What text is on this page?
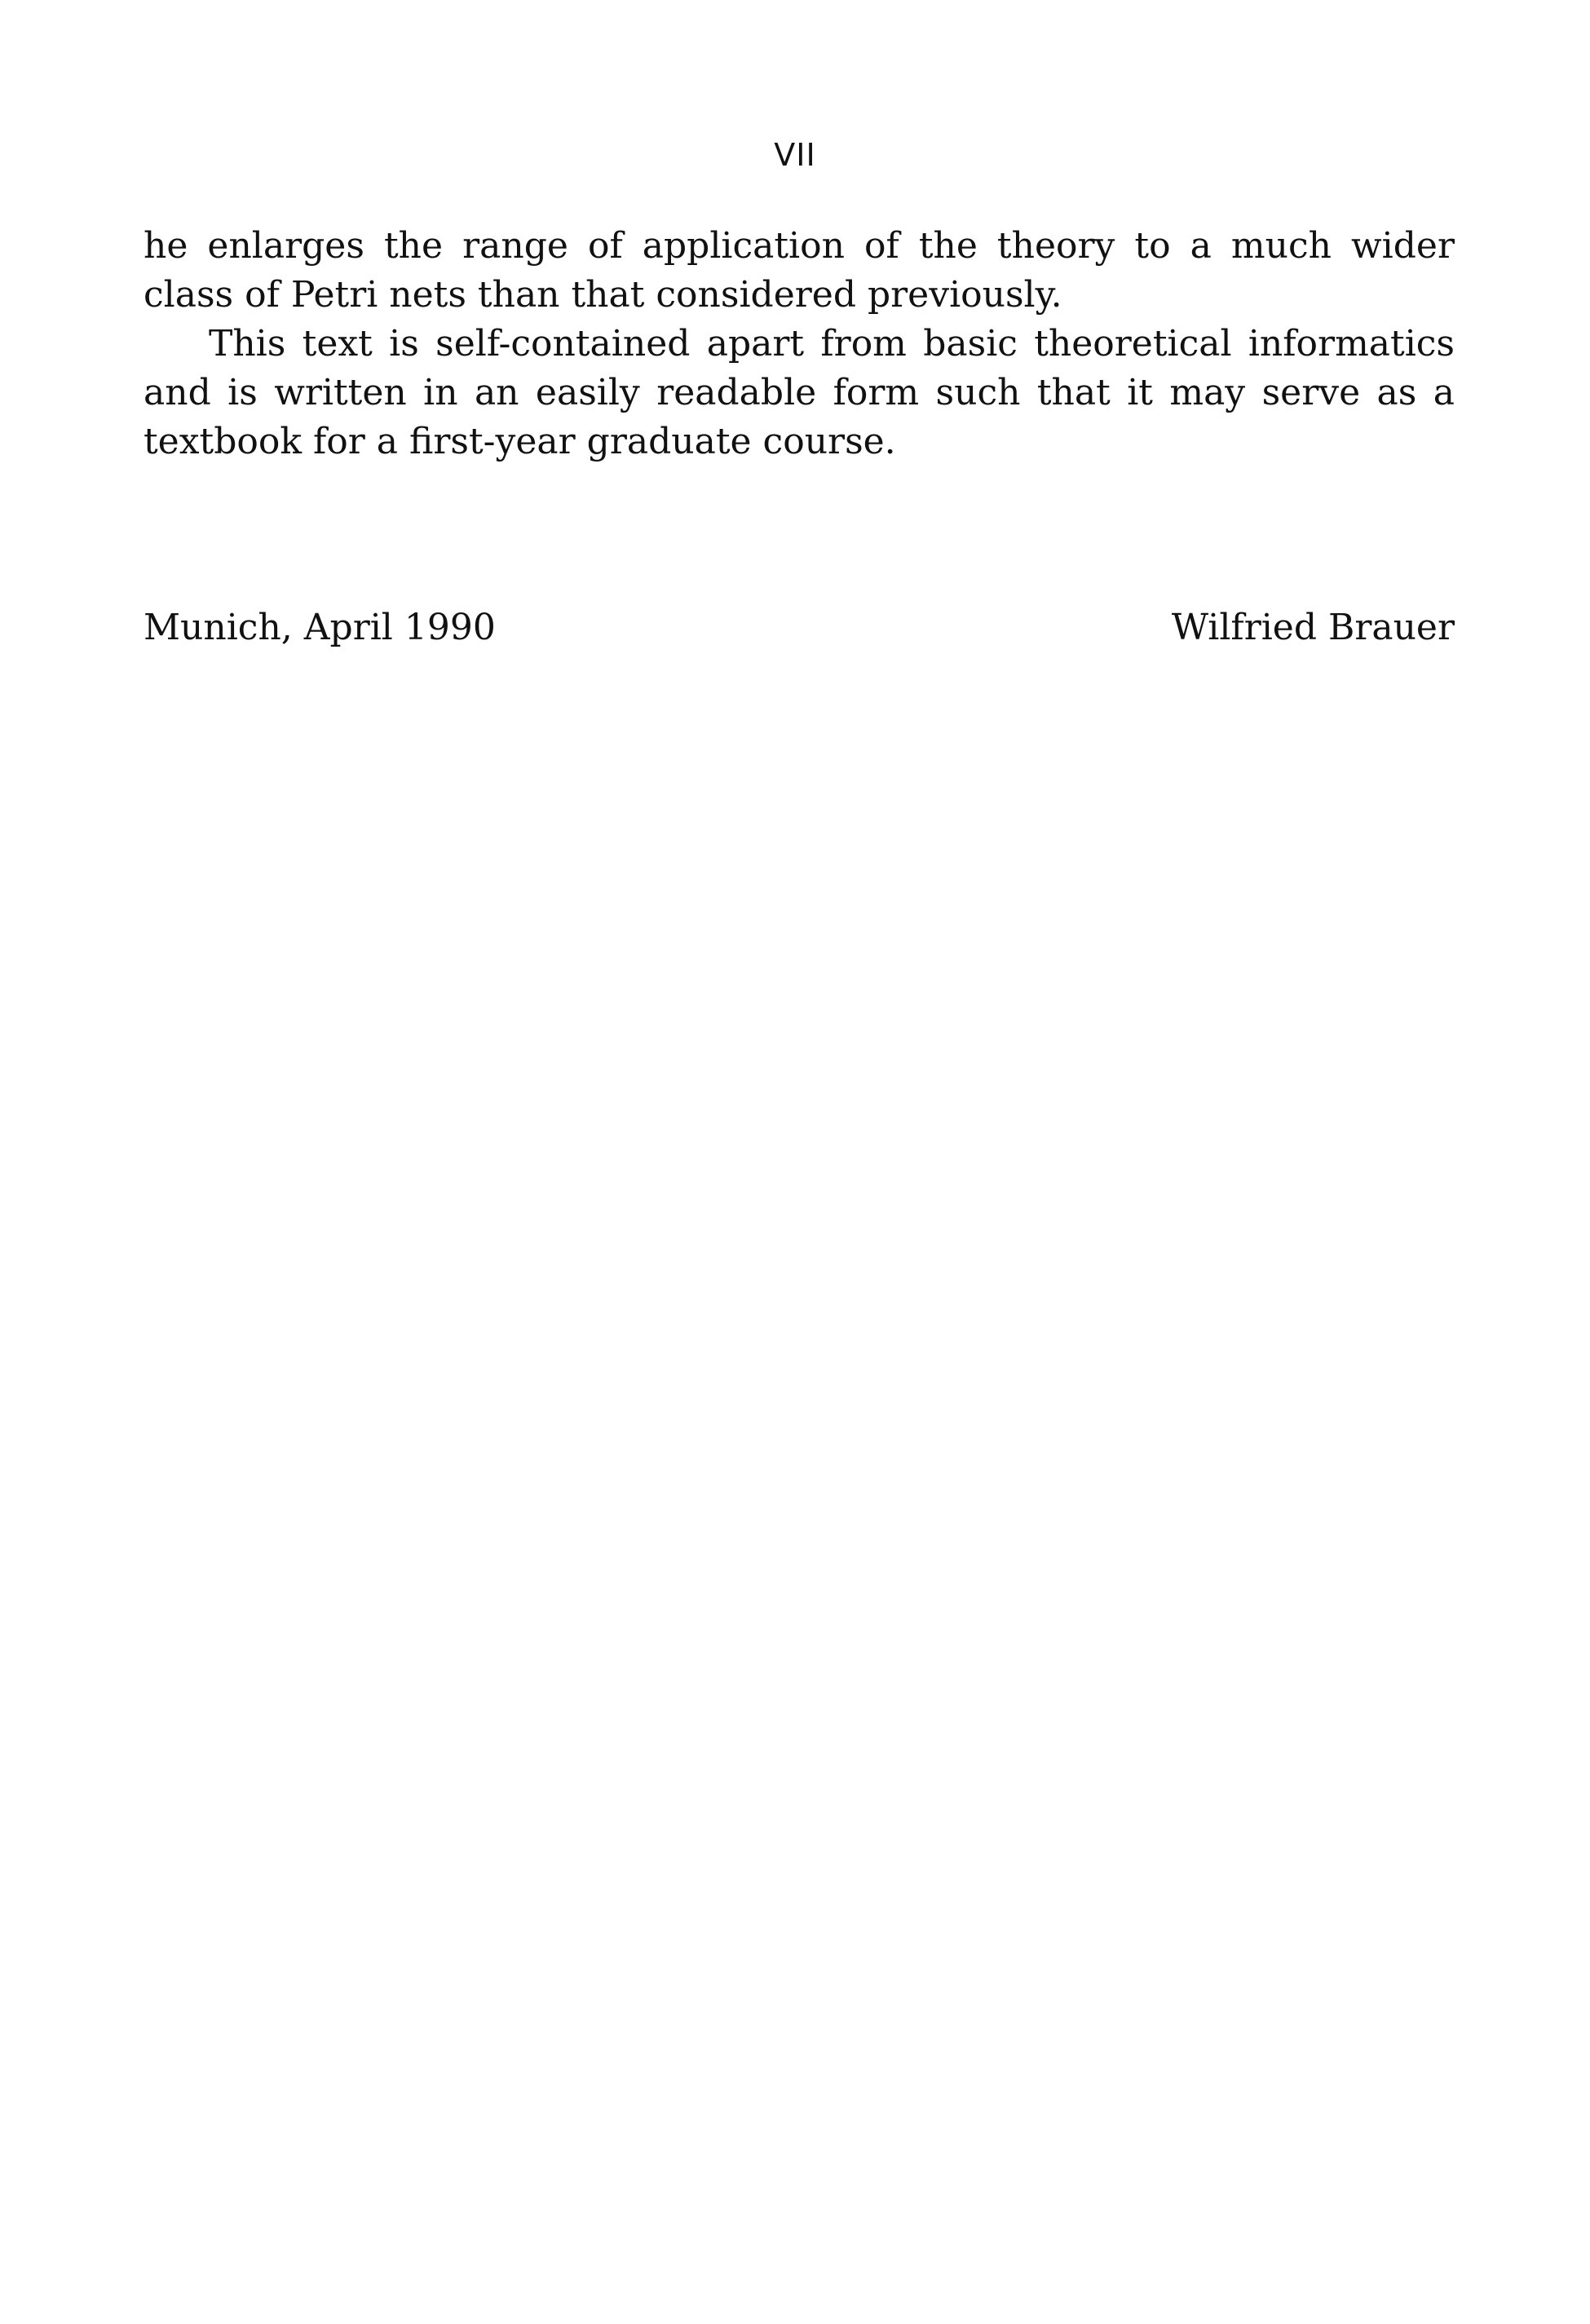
VII

he enlarges the range of application of the theory to a much wider class of Petri nets than that considered previously.

This text is self-contained apart from basic theoretical informatics and is written in an easily readable form such that it may serve as a textbook for a first-year graduate course.

Munich, April 1990	Wilfried Brauer
